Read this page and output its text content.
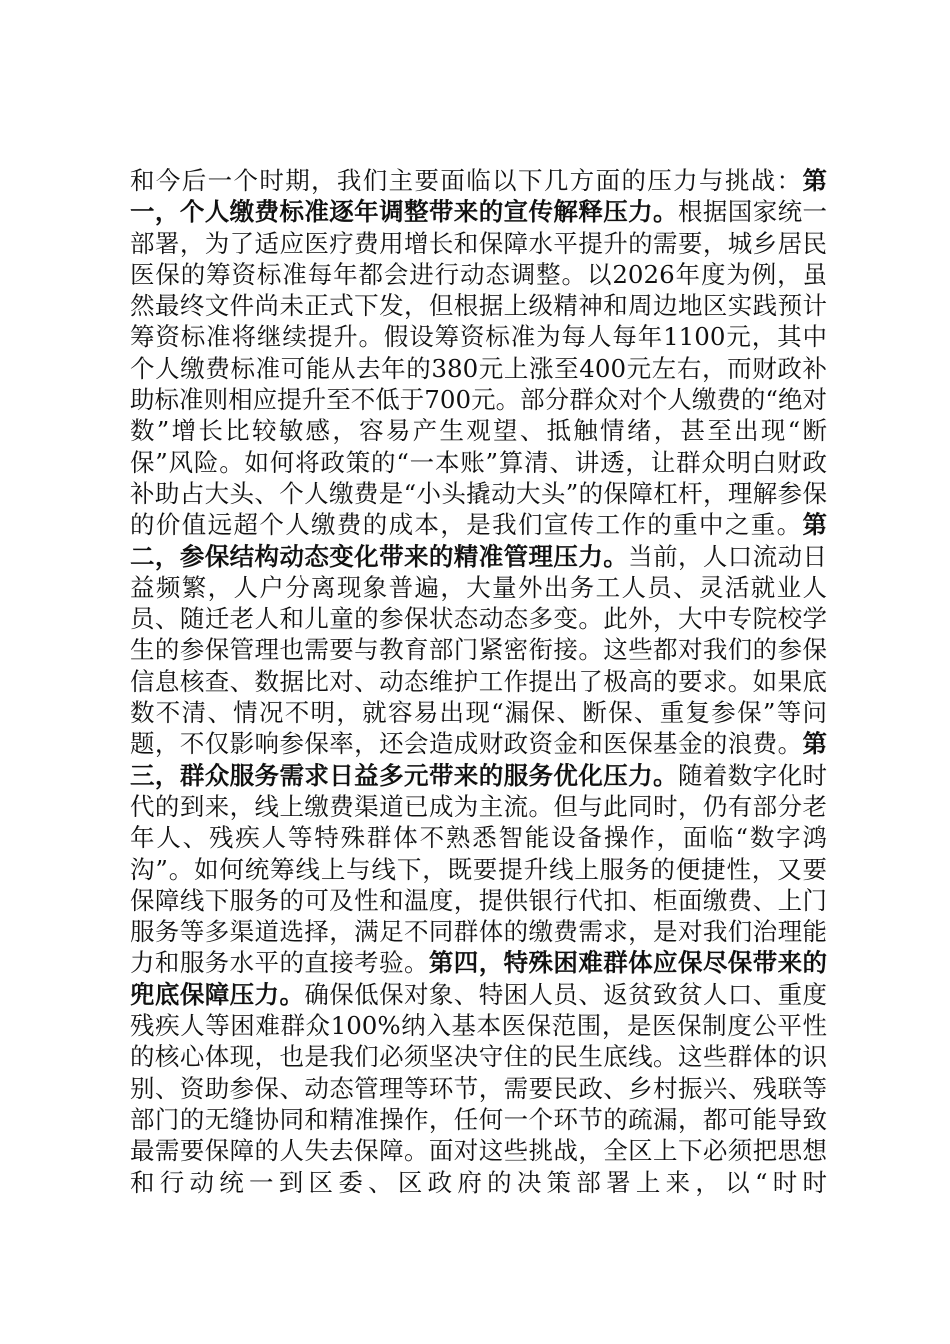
和今后一个时期，我们主要面临以下几方面的压力与挑战：第一，个人缴费标准逐年调整带来的宣传解释压力。根据国家统一部署，为了适应医疗费用增长和保障水平提升的需要，城乡居民医保的筹资标准每年都会进行动态调整。以2026年度为例，虽然最终文件尚未正式下发，但根据上级精神和周边地区实践预计筹资标准将继续提升。假设筹资标准为每人每年1100元，其中个人缴费标准可能从去年的380元上涨至400元左右，而财政补助标准则相应提升至不低于700元。部分群众对个人缴费的“绝对数”增长比较敏感，容易产生观望、抵触情绪，甚至出现“断保”风险。如何将政策的“一本账”算清、讲透，让群众明白财政补助占大头、个人缴费是“小头撬动大头”的保障杠杆，理解参保的价值远超个人缴费的成本，是我们宣传工作的重中之重。第二，参保结构动态变化带来的精准管理压力。当前，人口流动日益频繁，人户分离现象普遍，大量外出务工人员、灵活就业人员、随迁老人和儿童的参保状态动态多变。此外，大中专院校学生的参保管理也需要与教育部门紧密衔接。这些都对我们的参保信息核查、数据比对、动态维护工作提出了极高的要求。如果底数不清、情况不明，就容易出现“漏保、断保、重复参保”等问题，不仅影响参保率，还会造成财政资金和医保基金的浪费。第三，群众服务需求日益多元带来的服务优化压力。随着数字化时代的到来，线上缴费渠道已成为主流。但与此同时，仍有部分老年人、残疾人等特殊群体不熟悉智能设备操作，面临“数字鸿沟”。如何统筹线上与线下，既要提升线上服务的便捷性，又要保障线下服务的可及性和温度，提供银行代扣、柜面缴费、上门服务等多渠道选择，满足不同群体的缴费需求，是对我们治理能力和服务水平的直接考验。第四，特殊困难群体应保尽保带来的兜底保障压力。确保低保对象、特困人员、返贫致贫人口、重度残疾人等困难群众100%纳入基本医保范围，是医保制度公平性的核心体现，也是我们必须坚决守住的民生底线。这些群体的识别、资助参保、动态管理等环节，需要民政、乡村振兴、残联等部门的无缝协同和精准操作，任何一个环节的疏漏，都可能导致最需要保障的人失去保障。面对这些挑战，全区上下必须把思想和行动统一到区委、区政府的决策部署上来，以“时时
